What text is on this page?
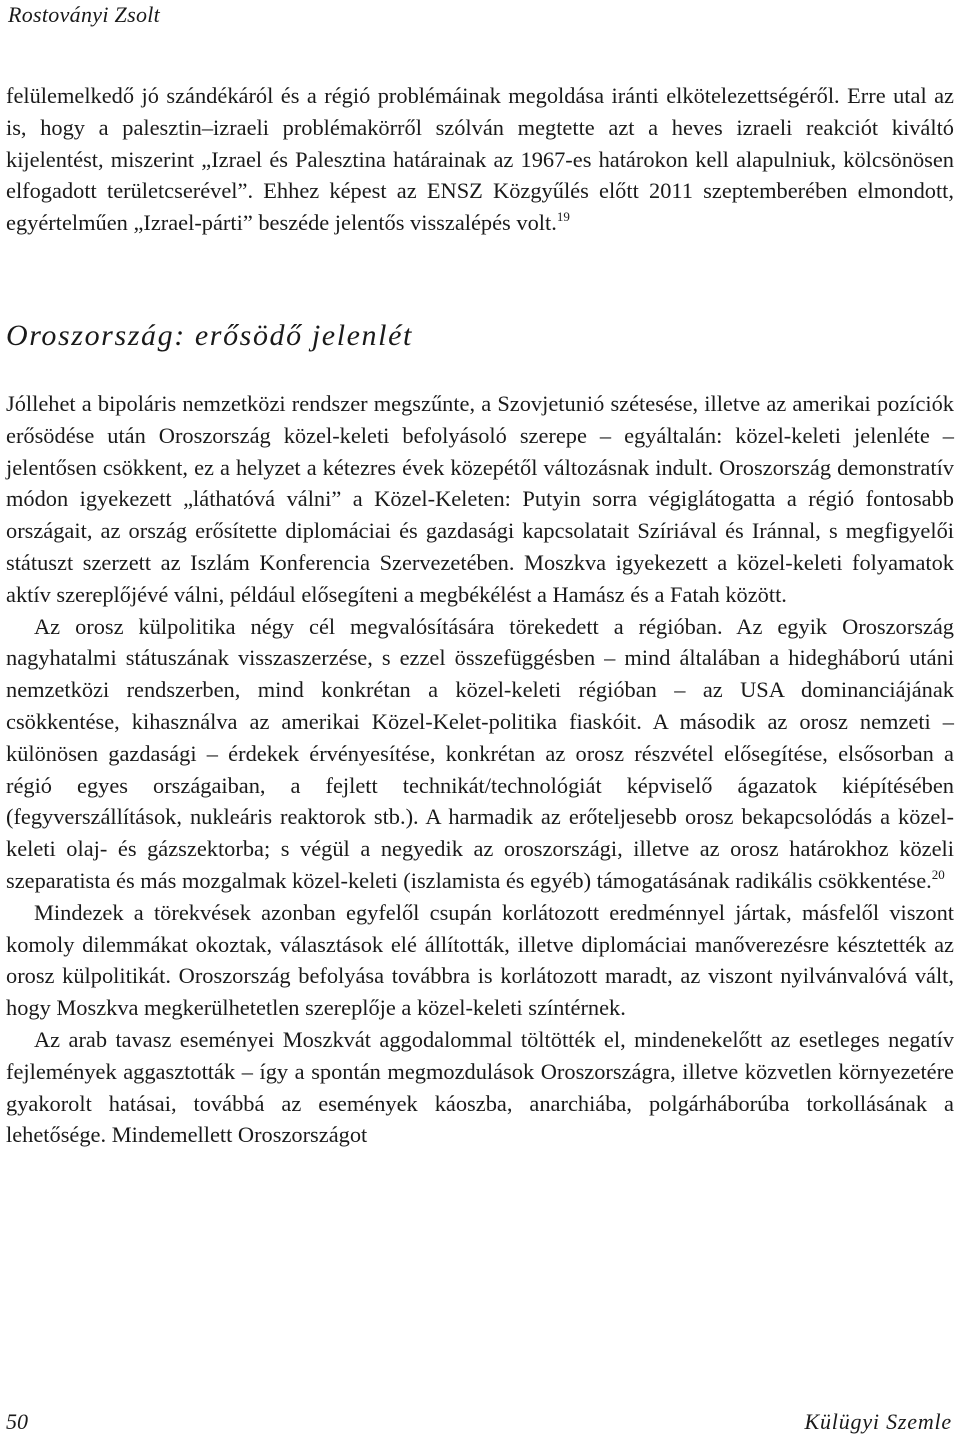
Rostoványi Zsolt

felülemelkedő jó szándékáról és a régió problémáinak megoldása iránti elkötelezettségéről. Erre utal az is, hogy a palesztin–izraeli problémakörről szólván megtette azt a heves izraeli reakciót kiváltó kijelentést, miszerint „Izrael és Palesztina határainak az 1967-es határokon kell alapulniuk, kölcsönösen elfogadott területcserével”. Ehhez képest az ENSZ Közgyűlés előtt 2011 szeptemberében elmondott, egyértelműen „Izrael-párti” beszéde jelentős visszalépés volt.$^{19}$

Oroszország: erősödő jelenlét

Jóllehet a bipoláris nemzetközi rendszer megszűnte, a Szovjetunió szétesése, illetve az amerikai pozíciók erősödése után Oroszország közel-keleti befolyásoló szerepe – egyáltalán: közel-keleti jelenléte – jelentősen csökkent, ez a helyzet a kétezres évek közepétől változásnak indult. Oroszország demonstratív módon igyekezett „láthatóvá válni” a Közel-Keleten: Putyin sorra végiglátogatta a régió fontosabb országait, az ország erősítette diplomáciai és gazdasági kapcsolatait Szíriával és Iránnal, s megfigyelői státuszt szerzett az Iszlám Konferencia Szervezetében. Moszkva igyekezett a közel-keleti folyamatok aktív szereplőjévé válni, például elősegíteni a megbékélést a Hamász és a Fatah között.

Az orosz külpolitika négy cél megvalósítására törekedett a régióban. Az egyik Oroszország nagyhatalmi státuszának visszaszerzése, s ezzel összefüggésben – mind általában a hidegháború utáni nemzetközi rendszerben, mind konkrétan a közel-keleti régióban – az USA dominanciájának csökkentése, kihasználva az amerikai Közel-Kelet-politika fiaskóit. A második az orosz nemzeti – különösen gazdasági – érdekek érvényesítése, konkrétan az orosz részvétel elősegítése, elsősorban a régió egyes országaiban, a fejlett technikát/technológiát képviselő ágazatok kiépítésében (fegyverszállítások, nukleáris reaktorok stb.). A harmadik az erőteljesebb orosz bekapcsolódás a közel-keleti olaj- és gázszektorba; s végül a negyedik az oroszországi, illetve az orosz határokhoz közeli szeparatista és más mozgalmak közel-keleti (iszlamista és egyéb) támogatásának radikális csökkentése.$^{20}$

Mindezek a törekvések azonban egyfelől csupán korlátozott eredménnyel jártak, másfelől viszont komoly dilemmákat okoztak, választások elé állították, illetve diplomáciai manőverezésre késztették az orosz külpolitikát. Oroszország befolyása továbbra is korlátozott maradt, az viszont nyilvánvalóvá vált, hogy Moszkva megkerülhetetlen szereplője a közel-keleti színtérnek.

Az arab tavasz eseményei Moszkvát aggodalommal töltötték el, mindenekelőtt az esetleges negatív fejlemények aggasztották – így a spontán megmozdulások Oroszországra, illetve közvetlen környezetére gyakorolt hatásai, továbbá az események káoszba, anarchiába, polgárháborúba torkollásának a lehetősége. Mindemellett Oroszországot

50	Külügyi Szemle
